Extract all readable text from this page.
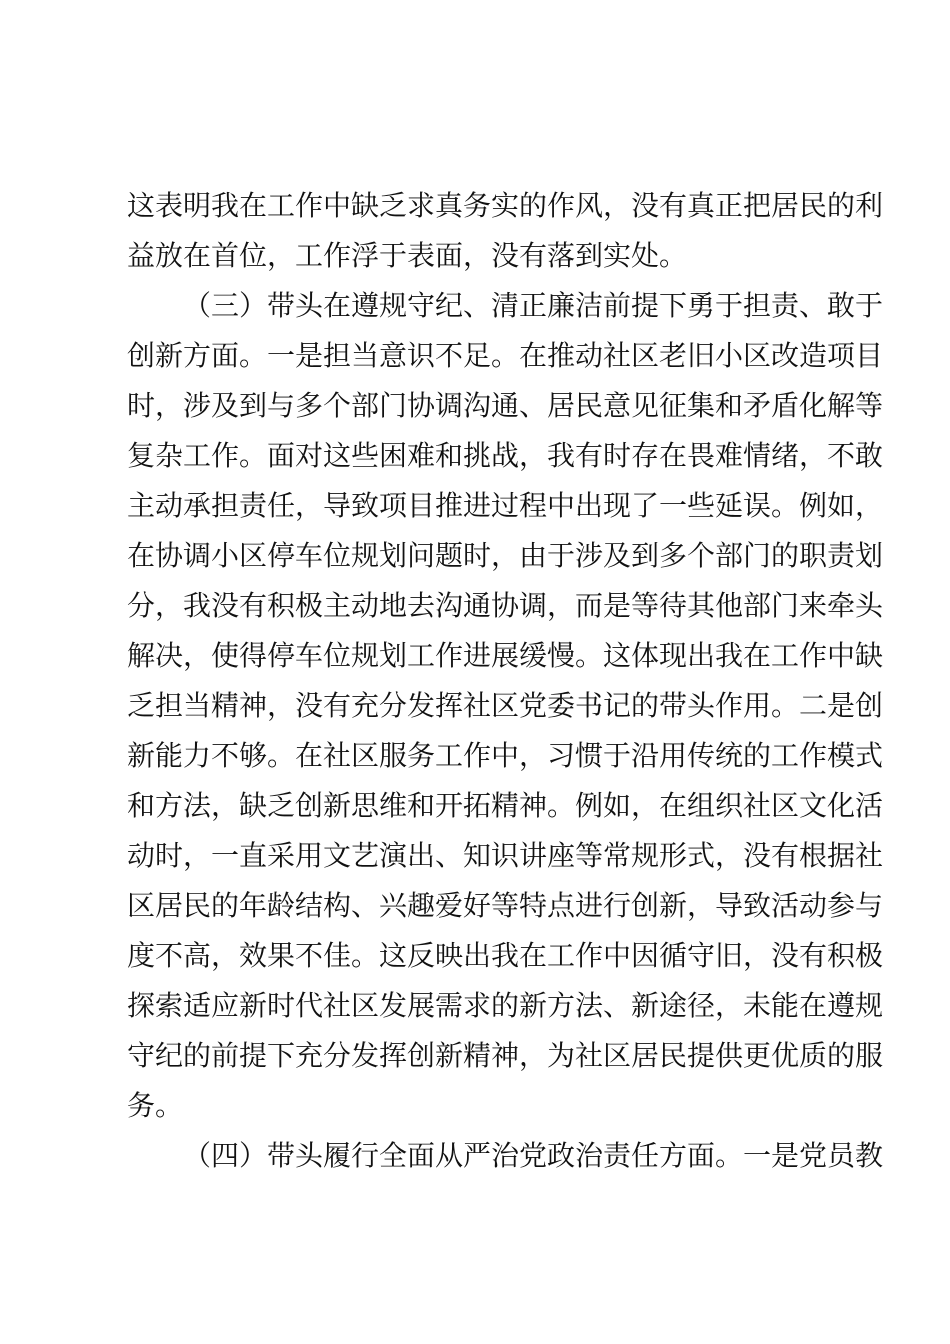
这表明我在工作中缺乏求真务实的作风，没有真正把居民的利
益放在首位，工作浮于表面，没有落到实处。
（三）带头在遵规守纪、清正廉洁前提下勇于担责、敢于
创新方面。一是担当意识不足。在推动社区老旧小区改造项目
时，涉及到与多个部门协调沟通、居民意见征集和矛盾化解等
复杂工作。面对这些困难和挑战，我有时存在畏难情绪，不敢
主动承担责任，导致项目推进过程中出现了一些延误。例如，
在协调小区停车位规划问题时，由于涉及到多个部门的职责划
分，我没有积极主动地去沟通协调，而是等待其他部门来牵头
解决，使得停车位规划工作进展缓慢。这体现出我在工作中缺
乏担当精神，没有充分发挥社区党委书记的带头作用。二是创
新能力不够。在社区服务工作中，习惯于沿用传统的工作模式
和方法，缺乏创新思维和开拓精神。例如，在组织社区文化活
动时，一直采用文艺演出、知识讲座等常规形式，没有根据社
区居民的年龄结构、兴趣爱好等特点进行创新，导致活动参与
度不高，效果不佳。这反映出我在工作中因循守旧，没有积极
探索适应新时代社区发展需求的新方法、新途径，未能在遵规
守纪的前提下充分发挥创新精神，为社区居民提供更优质的服
务。
（四）带头履行全面从严治党政治责任方面。一是党员教
